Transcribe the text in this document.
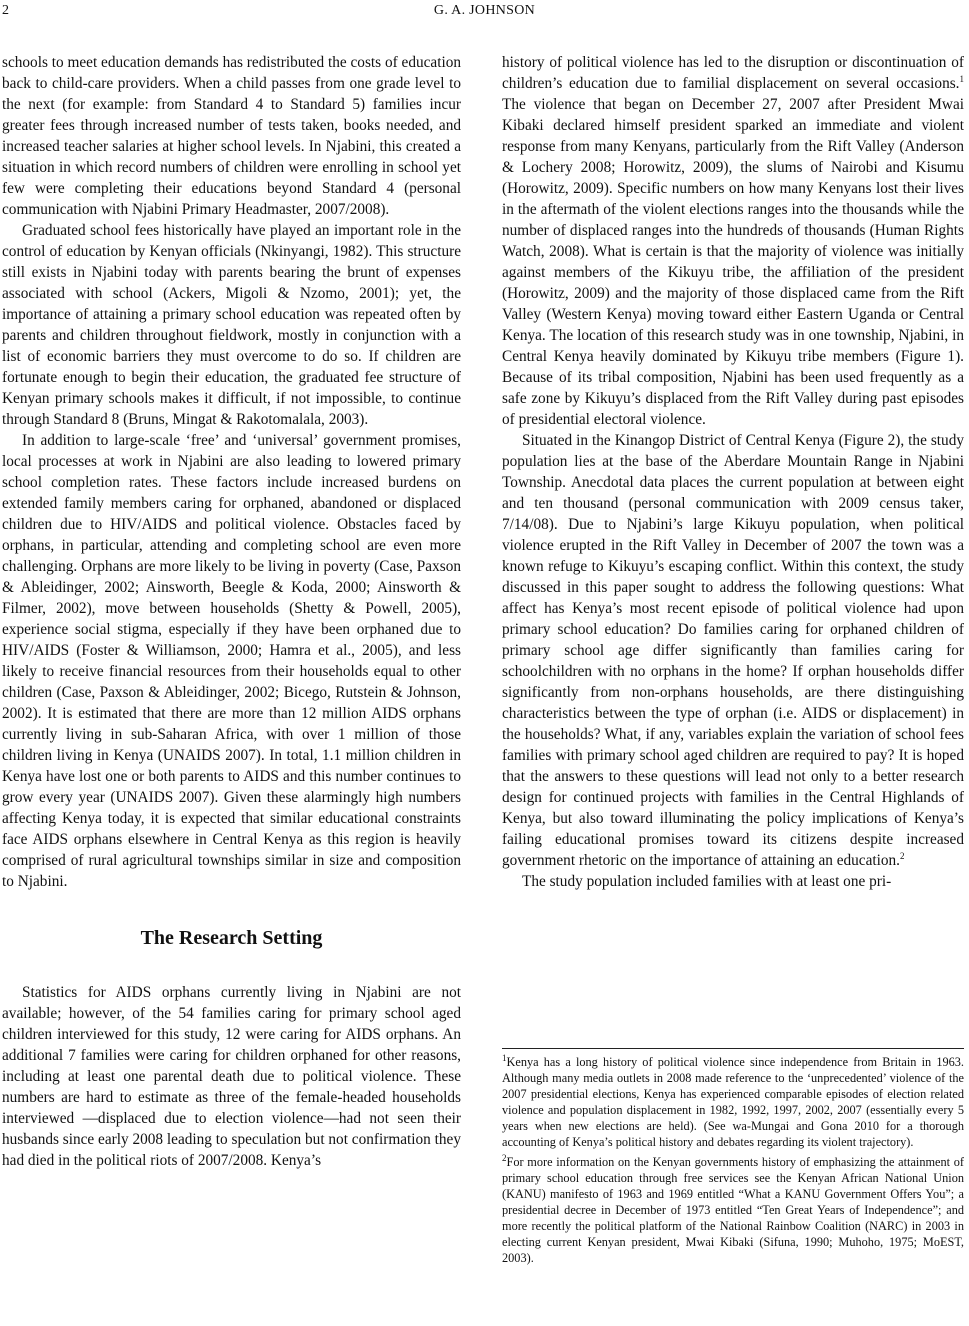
2	G. A. JOHNSON

schools to meet education demands has redistributed the costs of education back to child-care providers. When a child passes from one grade level to the next (for example: from Standard 4 to Standard 5) families incur greater fees through increased number of tests taken, books needed, and increased teacher salaries at higher school levels. In Njabini, this created a situation in which record numbers of children were enrolling in school yet few were completing their educations beyond Standard 4 (personal communication with Njabini Primary Headmaster, 2007/2008).

Graduated school fees historically have played an important role in the control of education by Kenyan officials (Nkinyangi, 1982). This structure still exists in Njabini today with parents bearing the brunt of expenses associated with school (Ackers, Migoli & Nzomo, 2001); yet, the importance of attaining a primary school education was repeated often by parents and children throughout fieldwork, mostly in conjunction with a list of economic barriers they must overcome to do so. If children are fortunate enough to begin their education, the graduated fee structure of Kenyan primary schools makes it difficult, if not impossible, to continue through Standard 8 (Bruns, Mingat & Rakotomalala, 2003).

In addition to large-scale ‘free’ and ‘universal’ government promises, local processes at work in Njabini are also leading to lowered primary school completion rates. These factors include increased burdens on extended family members caring for orphaned, abandoned or displaced children due to HIV/AIDS and political violence. Obstacles faced by orphans, in particular, attending and completing school are even more challenging. Orphans are more likely to be living in poverty (Case, Paxson & Ableidinger, 2002; Ainsworth, Beegle & Koda, 2000; Ainsworth & Filmer, 2002), move between households (Shetty & Powell, 2005), experience social stigma, especially if they have been orphaned due to HIV/AIDS (Foster & Williamson, 2000; Hamra et al., 2005), and less likely to receive financial resources from their households equal to other children (Case, Paxson & Ableidinger, 2002; Bicego, Rutstein & Johnson, 2002). It is estimated that there are more than 12 million AIDS orphans currently living in sub-Saharan Africa, with over 1 million of those children living in Kenya (UNAIDS 2007). In total, 1.1 million children in Kenya have lost one or both parents to AIDS and this number continues to grow every year (UNAIDS 2007). Given these alarmingly high numbers affecting Kenya today, it is expected that similar educational constraints face AIDS orphans elsewhere in Central Kenya as this region is heavily comprised of rural agricultural townships similar in size and composition to Njabini.

The Research Setting

Statistics for AIDS orphans currently living in Njabini are not available; however, of the 54 families caring for primary school aged children interviewed for this study, 12 were caring for AIDS orphans. An additional 7 families were caring for children orphaned for other reasons, including at least one parental death due to political violence. These numbers are hard to estimate as three of the female-headed households interviewed —displaced due to election violence—had not seen their husbands since early 2008 leading to speculation but not confirmation they had died in the political riots of 2007/2008. Kenya’s

history of political violence has led to the disruption or discontinuation of children’s education due to familial displacement on several occasions.$^1$ The violence that began on December 27, 2007 after President Mwai Kibaki declared himself president sparked an immediate and violent response from many Kenyans, particularly from the Rift Valley (Anderson & Lochery 2008; Horowitz, 2009), the slums of Nairobi and Kisumu (Horowitz, 2009). Specific numbers on how many Kenyans lost their lives in the aftermath of the violent elections ranges into the thousands while the number of displaced ranges into the hundreds of thousands (Human Rights Watch, 2008). What is certain is that the majority of violence was initially against members of the Kikuyu tribe, the affiliation of the president (Horowitz, 2009) and the majority of those displaced came from the Rift Valley (Western Kenya) moving toward either Eastern Uganda or Central Kenya. The location of this research study was in one township, Njabini, in Central Kenya heavily dominated by Kikuyu tribe members (Figure 1). Because of its tribal composition, Njabini has been used frequently as a safe zone by Kikuyu’s displaced from the Rift Valley during past episodes of presidential electoral violence.

Situated in the Kinangop District of Central Kenya (Figure 2), the study population lies at the base of the Aberdare Mountain Range in Njabini Township. Anecdotal data places the current population at between eight and ten thousand (personal communication with 2009 census taker, 7/14/08). Due to Njabini’s large Kikuyu population, when political violence erupted in the Rift Valley in December of 2007 the town was a known refuge to Kikuyu’s escaping conflict. Within this context, the study discussed in this paper sought to address the following questions: What affect has Kenya’s most recent episode of political violence had upon primary school education? Do families caring for orphaned children of primary school age differ significantly than families caring for schoolchildren with no orphans in the home? If orphan households differ significantly from non-orphans households, are there distinguishing characteristics between the type of orphan (i.e. AIDS or displacement) in the households? What, if any, variables explain the variation of school fees families with primary school aged children are required to pay? It is hoped that the answers to these questions will lead not only to a better research design for continued projects with families in the Central Highlands of Kenya, but also toward illuminating the policy implications of Kenya’s failing educational promises toward its citizens despite increased government rhetoric on the importance of attaining an education.$^2$

The study population included families with at least one pri-

$^1$Kenya has a long history of political violence since independence from Britain in 1963. Although many media outlets in 2008 made reference to the ‘unprecedented’ violence of the 2007 presidential elections, Kenya has experienced comparable episodes of election related violence and population displacement in 1982, 1992, 1997, 2002, 2007 (essentially every 5 years when new elections are held). (See wa-Mungai and Gona 2010 for a thorough accounting of Kenya’s political history and debates regarding its violent trajectory).

$^2$For more information on the Kenyan governments history of emphasizing the attainment of primary school education through free services see the Kenyan African National Union (KANU) manifesto of 1963 and 1969 entitled “What a KANU Government Offers You”; a presidential decree in December of 1973 entitled “Ten Great Years of Independence”; and more recently the political platform of the National Rainbow Coalition (NARC) in 2003 in electing current Kenyan president, Mwai Kibaki (Sifuna, 1990; Muhoho, 1975; MoEST, 2003).
